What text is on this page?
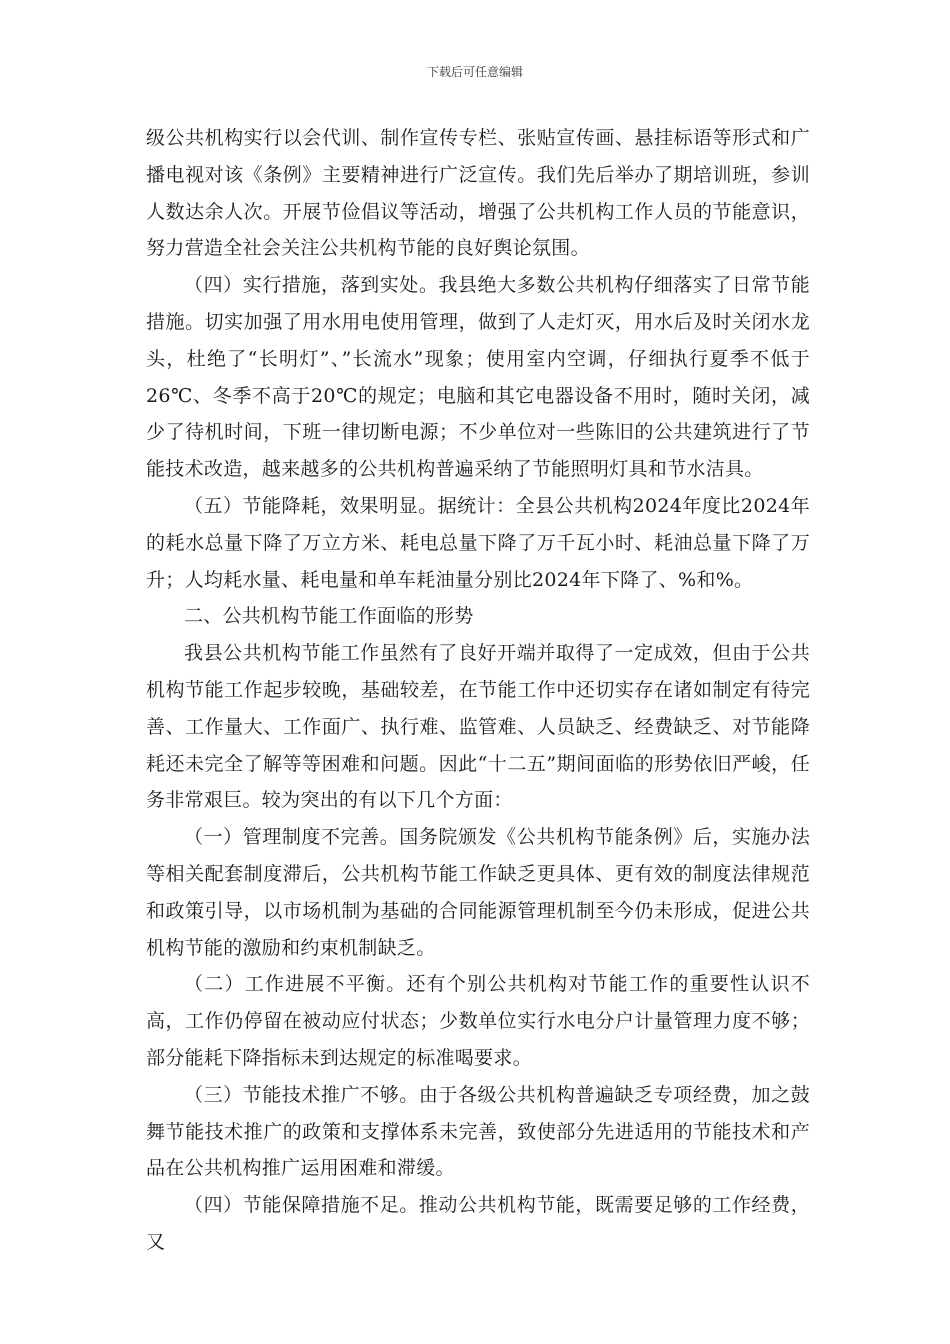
下载后可任意编辑

级公共机构实行以会代训、制作宣传专栏、张贴宣传画、悬挂标语等形式和广播电视对该《条例》主要精神进行广泛宣传。我们先后举办了期培训班，参训人数达余人次。开展节俭倡议等活动，增强了公共机构工作人员的节能意识，努力营造全社会关注公共机构节能的良好舆论氛围。

（四）实行措施，落到实处。我县绝大多数公共机构仔细落实了日常节能措施。切实加强了用水用电使用管理，做到了人走灯灭，用水后及时关闭水龙头，杜绝了“长明灯”、”长流水”现象；使用室内空调，仔细执行夏季不低于26℃、冬季不高于20℃的规定；电脑和其它电器设备不用时，随时关闭，减少了待机时间，下班一律切断电源；不少单位对一些陈旧的公共建筑进行了节能技术改造，越来越多的公共机构普遍采纳了节能照明灯具和节水洁具。

（五）节能降耗，效果明显。据统计：全县公共机构2024年度比2024年的耗水总量下降了万立方米、耗电总量下降了万千瓦小时、耗油总量下降了万升；人均耗水量、耗电量和单车耗油量分别比2024年下降了、%和%。

二、公共机构节能工作面临的形势

我县公共机构节能工作虽然有了良好开端并取得了一定成效，但由于公共机构节能工作起步较晚，基础较差，在节能工作中还切实存在诸如制定有待完善、工作量大、工作面广、执行难、监管难、人员缺乏、经费缺乏、对节能降耗还未完全了解等等困难和问题。因此“十二五”期间面临的形势依旧严峻，任务非常艰巨。较为突出的有以下几个方面：

（一）管理制度不完善。国务院颁发《公共机构节能条例》后，实施办法等相关配套制度滞后，公共机构节能工作缺乏更具体、更有效的制度法律规范和政策引导，以市场机制为基础的合同能源管理机制至今仍未形成，促进公共机构节能的激励和约束机制缺乏。

（二）工作进展不平衡。还有个别公共机构对节能工作的重要性认识不高，工作仍停留在被动应付状态；少数单位实行水电分户计量管理力度不够；部分能耗下降指标未到达规定的标准喝要求。

（三）节能技术推广不够。由于各级公共机构普遍缺乏专项经费，加之鼓舞节能技术推广的政策和支撑体系未完善，致使部分先进适用的节能技术和产品在公共机构推广运用困难和滞缓。

（四）节能保障措施不足。推动公共机构节能，既需要足够的工作经费，又
